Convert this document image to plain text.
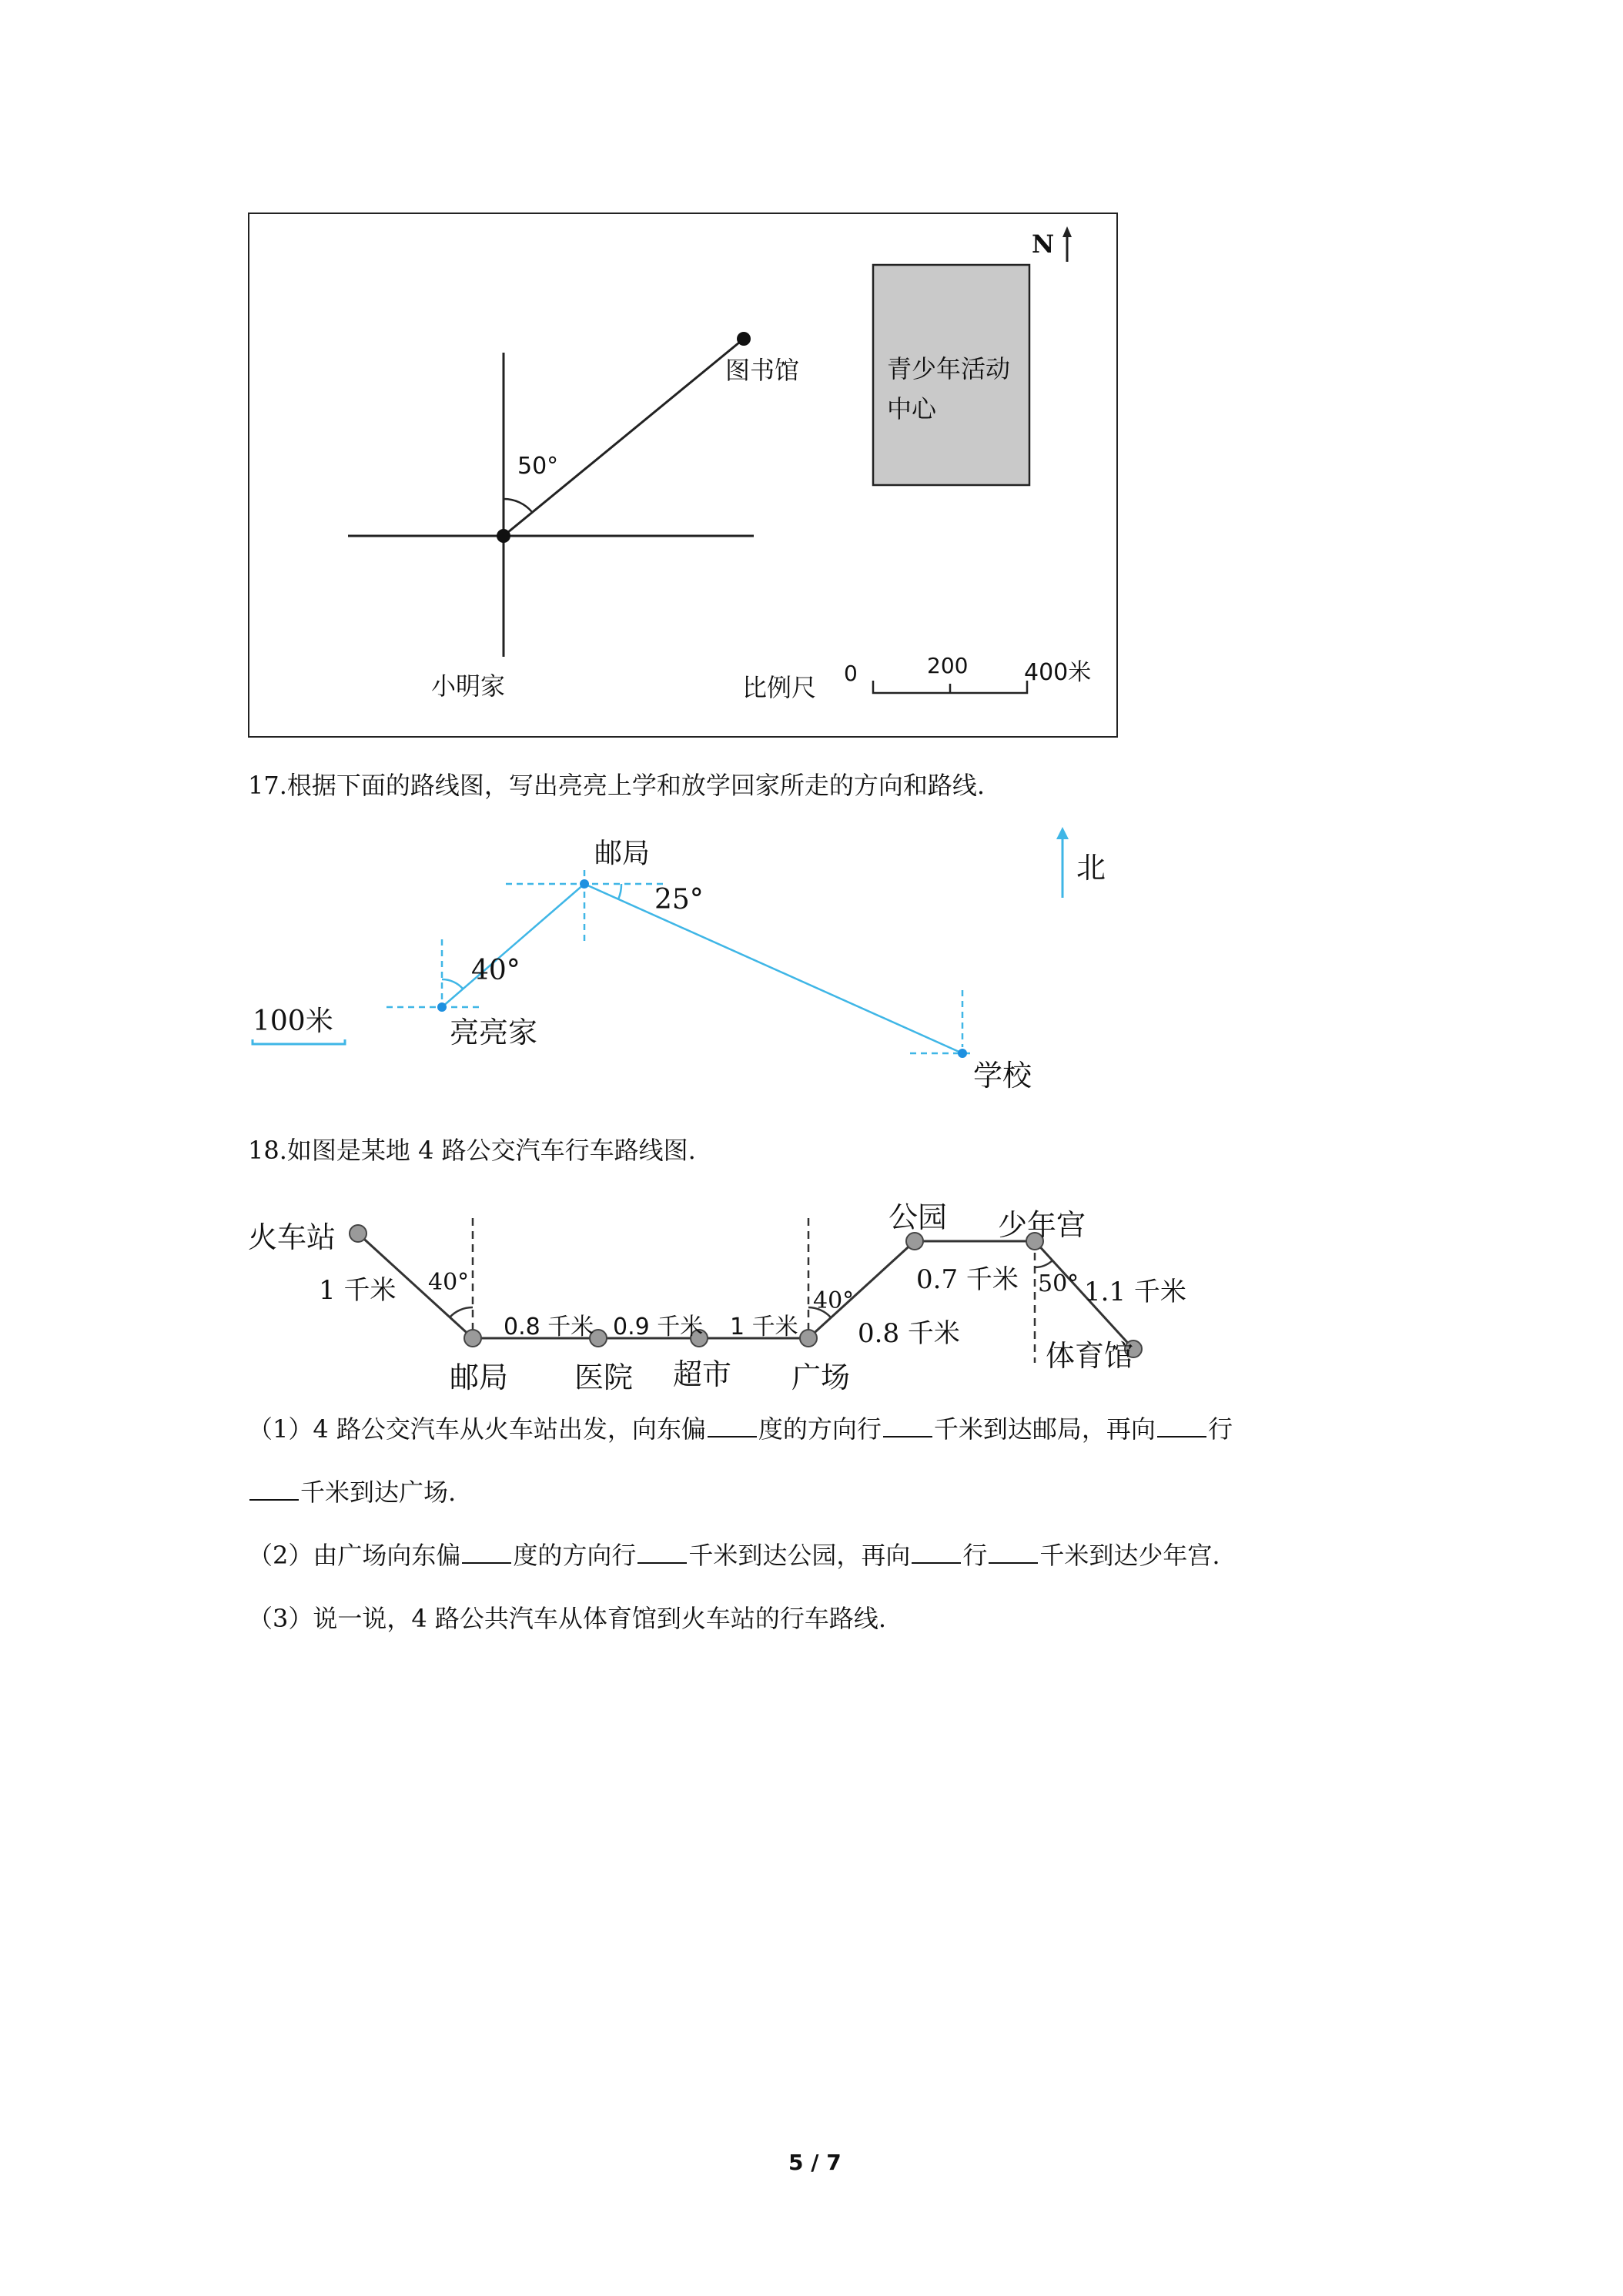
N
图书馆
50°
小明家
青少年活动
中心
比例尺 0	200 400米
17.根据下面的路线图，写出亮亮上学和放学回家所走的方向和路线.
邮局
25°
40°
亮亮家
学校
北
100米
18.如图是某地 4 路公交汽车行车路线图.
火车站
邮局 医院 超市 广场
公园 少年宫
体育馆
1 千米
0.8 千米 0.9 千米 1 千米 0.8 千米
0.7 千米	1.1 千米
40°
40°
50°
（1）4 路公交汽车从火车站出发，向东偏 度的方向行 千米到达邮局，再向 行
千米到达广场.
（2）由广场向东偏 度的方向行 千米到达公园，再向 行 千米到达少年宫.
（3）说一说，4 路公共汽车从体育馆到火车站的行车路线.
5 / 7
